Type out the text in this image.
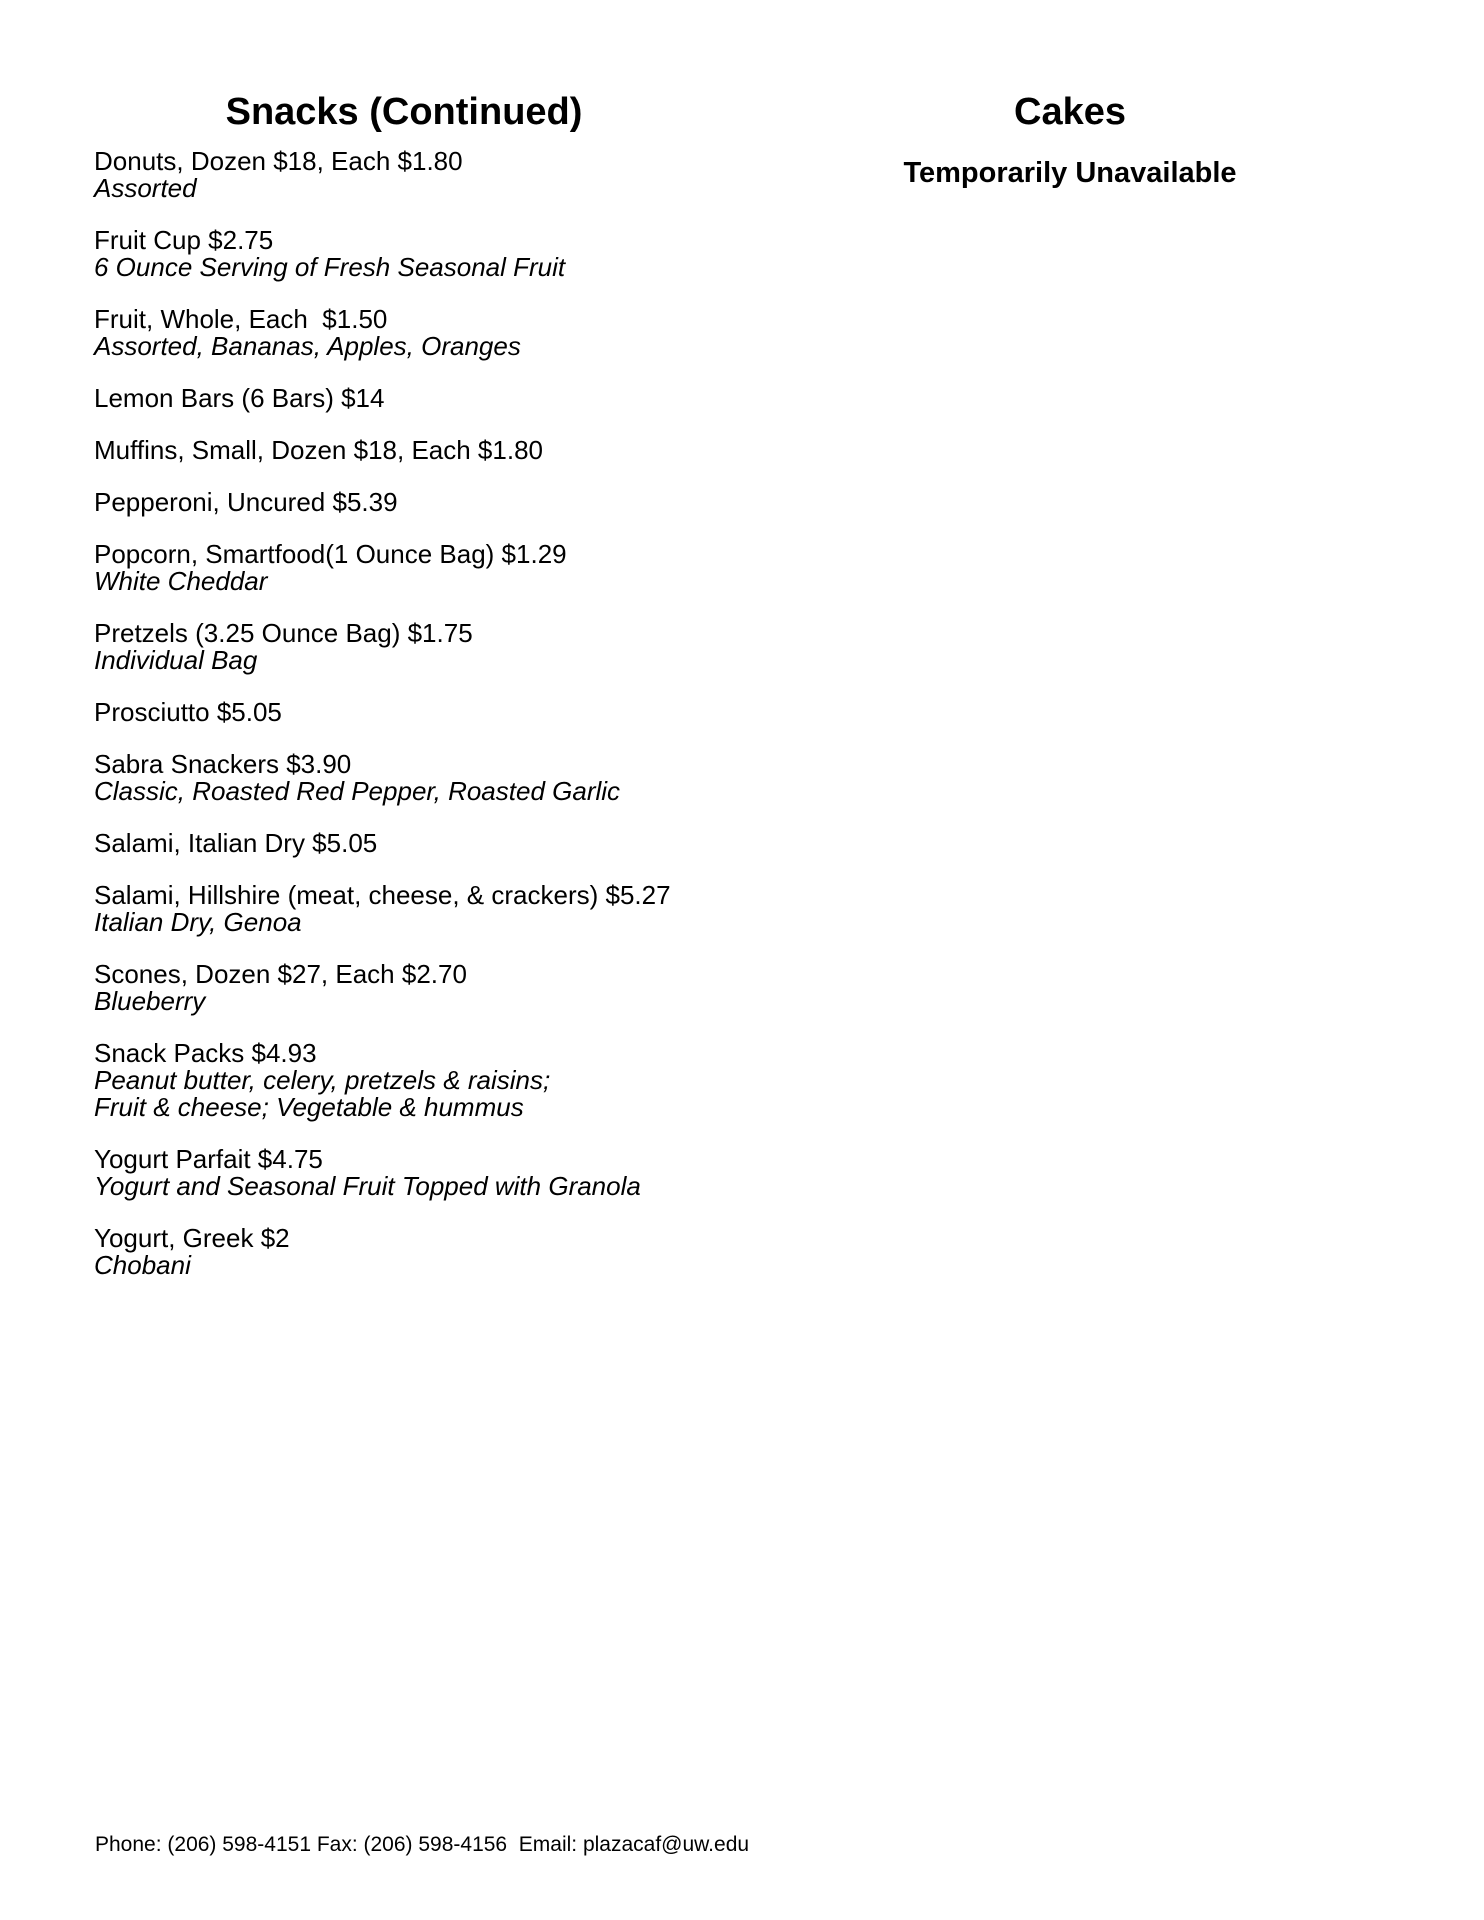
Snacks (Continued)
Donuts, Dozen $18, Each $1.80
Assorted
Fruit Cup $2.75
6 Ounce Serving of Fresh Seasonal Fruit
Fruit, Whole, Each  $1.50
Assorted, Bananas, Apples, Oranges
Lemon Bars (6 Bars) $14
Muffins, Small, Dozen $18, Each $1.80
Pepperoni, Uncured $5.39
Popcorn, Smartfood(1 Ounce Bag) $1.29
White Cheddar
Pretzels (3.25 Ounce Bag) $1.75
Individual Bag
Prosciutto $5.05
Sabra Snackers $3.90
Classic, Roasted Red Pepper, Roasted Garlic
Salami, Italian Dry $5.05
Salami, Hillshire (meat, cheese, & crackers) $5.27
Italian Dry, Genoa
Scones, Dozen $27, Each $2.70
Blueberry
Snack Packs $4.93
Peanut butter, celery, pretzels & raisins;
Fruit & cheese; Vegetable & hummus
Yogurt Parfait $4.75
Yogurt and Seasonal Fruit Topped with Granola
Yogurt, Greek $2
Chobani
Cakes

Temporarily Unavailable

Phone: (206) 598-4151 Fax: (206) 598-4156  Email: plazacaf@uw.edu
